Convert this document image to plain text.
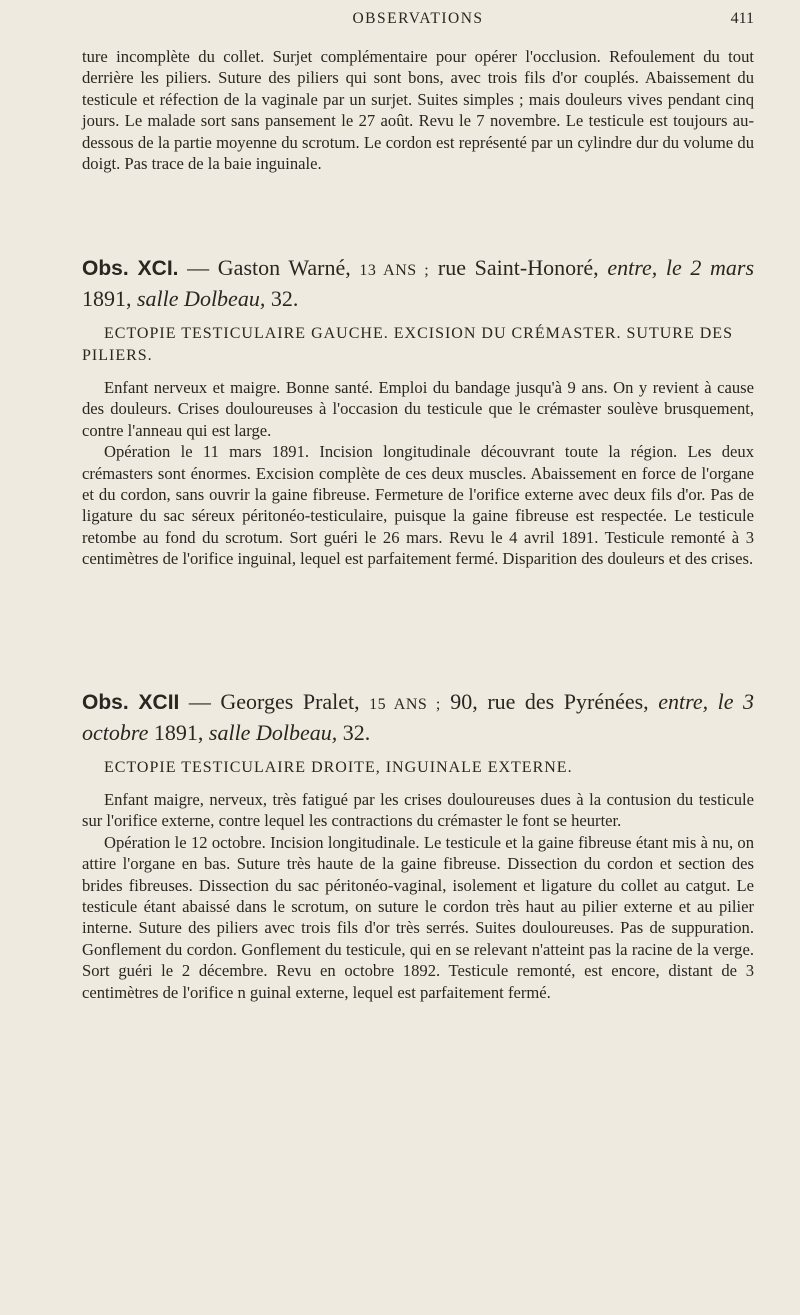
OBSERVATIONS	411

ture incomplète du collet. Surjet complémentaire pour opérer l'occlusion. Refoulement du tout derrière les piliers. Suture des piliers qui sont bons, avec trois fils d'or couplés. Abaissement du testicule et réfection de la vaginale par un surjet. Suites simples ; mais douleurs vives pendant cinq jours. Le malade sort sans pansement le 27 août. Revu le 7 novembre. Le testicule est toujours au-dessous de la partie moyenne du scrotum. Le cordon est représenté par un cylindre dur du volume du doigt. Pas trace de la baie inguinale.

Obs. XCI. — Gaston Warné, 13 ANS ; rue Saint-Honoré, entre, le 2 mars 1891, salle Dolbeau, 32.
ECTOPIE TESTICULAIRE GAUCHE. EXCISION DU CRÉMASTER. SUTURE DES PILIERS.

Enfant nerveux et maigre. Bonne santé. Emploi du bandage jusqu'à 9 ans. On y revient à cause des douleurs. Crises douloureuses à l'occasion du testicule que le crémaster soulève brusquement, contre l'anneau qui est large.

Opération le 11 mars 1891. Incision longitudinale découvrant toute la région. Les deux crémasters sont énormes. Excision complète de ces deux muscles. Abaissement en force de l'organe et du cordon, sans ouvrir la gaine fibreuse. Fermeture de l'orifice externe avec deux fils d'or. Pas de ligature du sac séreux péritonéo-testiculaire, puisque la gaine fibreuse est respectée. Le testicule retombe au fond du scrotum. Sort guéri le 26 mars. Revu le 4 avril 1891. Testicule remonté à 3 centimètres de l'orifice inguinal, lequel est parfaitement fermé. Disparition des douleurs et des crises.

Obs. XCII — Georges Pralet, 15 ANS ; 90, rue des Pyrénées, entre, le 3 octobre 1891, salle Dolbeau, 32.
ECTOPIE TESTICULAIRE DROITE, INGUINALE EXTERNE.

Enfant maigre, nerveux, très fatigué par les crises douloureuses dues à la contusion du testicule sur l'orifice externe, contre lequel les contractions du crémaster le font se heurter.

Opération le 12 octobre. Incision longitudinale. Le testicule et la gaine fibreuse étant mis à nu, on attire l'organe en bas. Suture très haute de la gaine fibreuse. Dissection du cordon et section des brides fibreuses. Dissection du sac péritonéo-vaginal, isolement et ligature du collet au catgut. Le testicule étant abaissé dans le scrotum, on suture le cordon très haut au pilier externe et au pilier interne. Suture des piliers avec trois fils d'or très serrés. Suites douloureuses. Pas de suppuration. Gonflement du cordon. Gonflement du testicule, qui en se relevant n'atteint pas la racine de la verge. Sort guéri le 2 décembre. Revu en octobre 1892. Testicule remonté, est encore, distant de 3 centimètres de l'orifice n guinal externe, lequel est parfaitement fermé.
